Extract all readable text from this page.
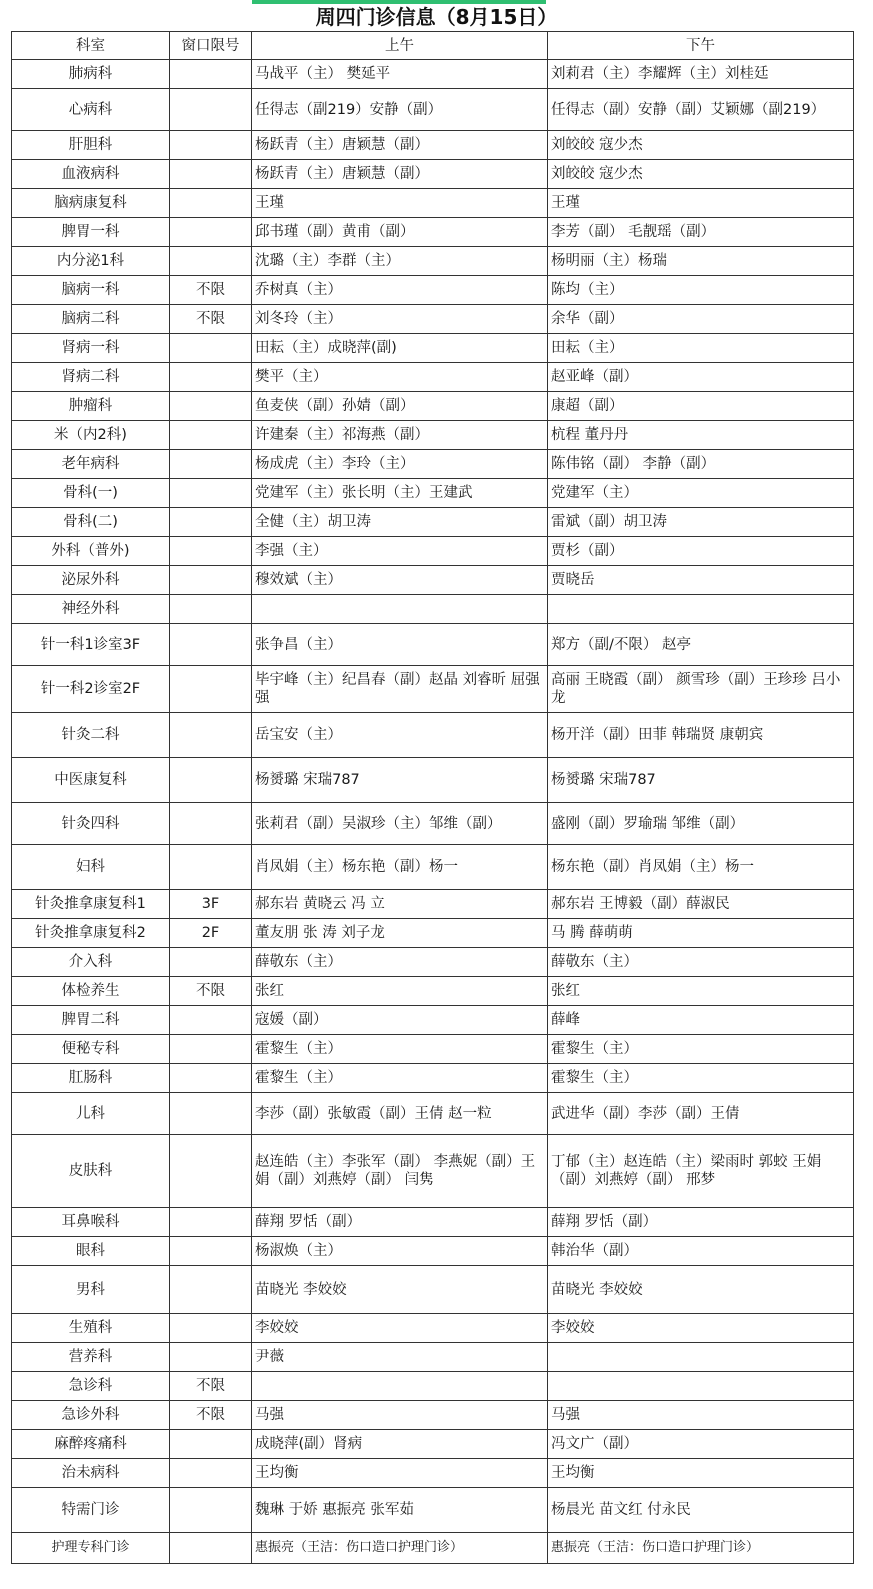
周四门诊信息（8月15日）
科室	窗口限号	上午	下午
肺病科		马战平（主） 樊延平	刘莉君（主）李耀辉（主）刘桂廷
心病科		任得志（副219）安静（副）	任得志（副）安静（副）艾颖娜（副219）
肝胆科		杨跃青（主）唐颖慧（副）	刘皎皎 寇少杰
血液病科		杨跃青（主）唐颖慧（副）	刘皎皎 寇少杰
脑病康复科		王瑾	王瑾
脾胃一科		邱书瑾（副）黄甫（副）	李芳（副） 毛靓瑶（副）
内分泌1科		沈璐（主）李群（主）	杨明丽（主）杨瑞
脑病一科	不限	乔树真（主）	陈均（主）
脑病二科	不限	刘冬玲（主）	余华（副）
肾病一科		田耘（主）成晓萍(副)	田耘（主）
肾病二科		樊平（主）	赵亚峰（副）
肿瘤科		鱼麦侠（副）孙婧（副）	康超（副）
米（内2科)		许建秦（主）祁海燕（副）	杭程 董丹丹
老年病科		杨成虎（主）李玲（主）	陈伟铭（副） 李静（副）
骨科(一)		党建军（主）张长明（主）王建武	党建军（主）
骨科(二)		全健（主）胡卫涛	雷斌（副）胡卫涛
外科（普外)		李强（主）	贾杉（副）
泌尿外科		穆效斌（主）	贾晓岳
神经外科			
针一科1诊室3F		张争昌（主）	郑方（副/不限） 赵亭
针一科2诊室2F		毕宇峰（主）纪昌春（副）赵晶 刘睿昕 屈强强	高丽 王晓霞（副） 颜雪珍（副）王珍珍 吕小龙
针灸二科		岳宝安（主）	杨开洋（副）田菲 韩瑞贤 康朝宾
中医康复科		杨赟璐 宋瑞787	杨赟璐 宋瑞787
针灸四科		张莉君（副）吴淑珍（主）邹维（副）	盛刚（副）罗瑜瑞 邹维（副）
妇科		肖凤娟（主）杨东艳（副）杨一	杨东艳（副）肖凤娟（主）杨一
针灸推拿康复科1	3F	郝东岩 黄晓云 冯 立	郝东岩 王博毅（副）薛淑民
针灸推拿康复科2	2F	董友朋 张 涛 刘子龙	马 腾 薛萌萌
介入科		薛敬东（主）	薛敬东（主）
体检养生	不限	张红	张红
脾胃二科		寇媛（副）	薛峰
便秘专科		霍黎生（主）	霍黎生（主）
肛肠科		霍黎生（主）	霍黎生（主）
儿科		李莎（副）张敏霞（副）王倩 赵一粒	武进华（副）李莎（副）王倩
皮肤科		赵连皓（主）李张军（副） 李燕妮（副）王娟（副）刘燕婷（副） 闫隽	丁郁（主）赵连皓（主）梁雨时 郭蛟 王娟（副）刘燕婷（副） 邢梦
耳鼻喉科		薛翔 罗恬（副）	薛翔 罗恬（副）
眼科		杨淑焕（主）	韩治华（副）
男科		苗晓光 李姣姣	苗晓光 李姣姣
生殖科		李姣姣	李姣姣
营养科		尹薇	
急诊科	不限		
急诊外科	不限	马强	马强
麻醉疼痛科		成晓萍(副）肾病	冯文广（副）
治未病科		王均衡	王均衡
特需门诊		魏琳 于娇 惠振亮 张军茹	杨晨光 苗文红 付永民
护理专科门诊		惠振亮（王洁：伤口造口护理门诊）	惠振亮（王洁：伤口造口护理门诊）
